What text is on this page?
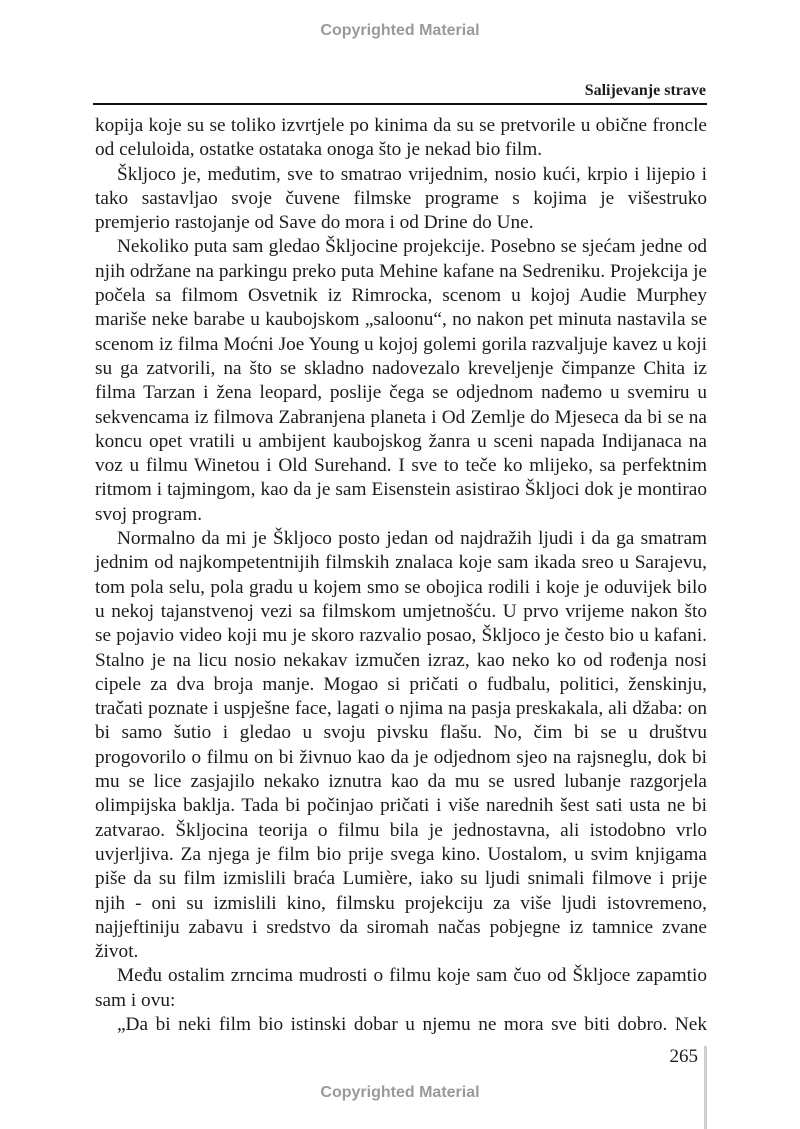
Copyrighted Material
Salijevanje strave

kopija koje su se toliko izvrtjele po kinima da su se pretvorile u obične froncle od celuloida, ostatke ostataka onoga što je nekad bio film.

Škljoco je, međutim, sve to smatrao vrijednim, nosio kući, krpio i lijepio i tako sastavljao svoje čuvene filmske programe s kojima je višestruko premjerio rastojanje od Save do mora i od Drine do Une.

Nekoliko puta sam gledao Škljocine projekcije. Posebno se sjećam jedne od njih održane na parkingu preko puta Mehine kafane na Sedreniku. Projekcija je počela sa filmom Osvetnik iz Rimrocka, scenom u kojoj Audie Murphey mariše neke barabe u kaubojskom „saloonu“, no nakon pet minuta nastavila se scenom iz filma Moćni Joe Young u kojoj golemi gorila razvaljuje kavez u koji su ga zatvorili, na što se skladno nadovezalo kreveljenje čimpanze Chita iz filma Tarzan i žena leopard, poslije čega se odjednom nađemo u svemiru u sekvencama iz filmova Zabranjena planeta i Od Zemlje do Mjeseca da bi se na koncu opet vratili u ambijent kaubojskog žanra u sceni napada Indijanaca na voz u filmu Winetou i Old Surehand. I sve to teče ko mlijeko, sa perfektnim ritmom i tajmingom, kao da je sam Eisenstein asistirao Škljoci dok je montirao svoj program.

Normalno da mi je Škljoco posto jedan od najdražih ljudi i da ga smatram jednim od najkompetentnijih filmskih znalaca koje sam ikada sreo u Sarajevu, tom pola selu, pola gradu u kojem smo se obojica rodili i koje je oduvijek bilo u nekoj tajanstvenoj vezi sa filmskom umjetnošću. U prvo vrijeme nakon što se pojavio video koji mu je skoro razvalio posao, Škljoco je često bio u kafani. Stalno je na licu nosio nekakav izmučen izraz, kao neko ko od rođenja nosi cipele za dva broja manje. Mogao si pričati o fudbalu, politici, ženskinju, tračati poznate i uspješne face, lagati o njima na pasja preskakala, ali džaba: on bi samo šutio i gledao u svoju pivsku flašu. No, čim bi se u društvu progovorilo o filmu on bi živnuo kao da je odjednom sjeo na rajsneglu, dok bi mu se lice zasjajilo nekako iznutra kao da mu se usred lubanje razgorjela olimpijska baklja. Tada bi počinjao pričati i više narednih šest sati usta ne bi zatvarao. Škljocina teorija o filmu bila je jednostavna, ali istodobno vrlo uvjerljiva. Za njega je film bio prije svega kino. Uostalom, u svim knjigama piše da su film izmislili braća Lumière, iako su ljudi snimali filmove i prije njih - oni su izmislili kino, filmsku projekciju za više ljudi istovremeno, najjeftiniju zabavu i sredstvo da siromah načas pobjegne iz tamnice zvane život.

Među ostalim zrncima mudrosti o filmu koje sam čuo od Škljoce zapamtio sam i ovu:

„Da bi neki film bio istinski dobar u njemu ne mora sve biti dobro. Nek

265
Copyrighted Material
